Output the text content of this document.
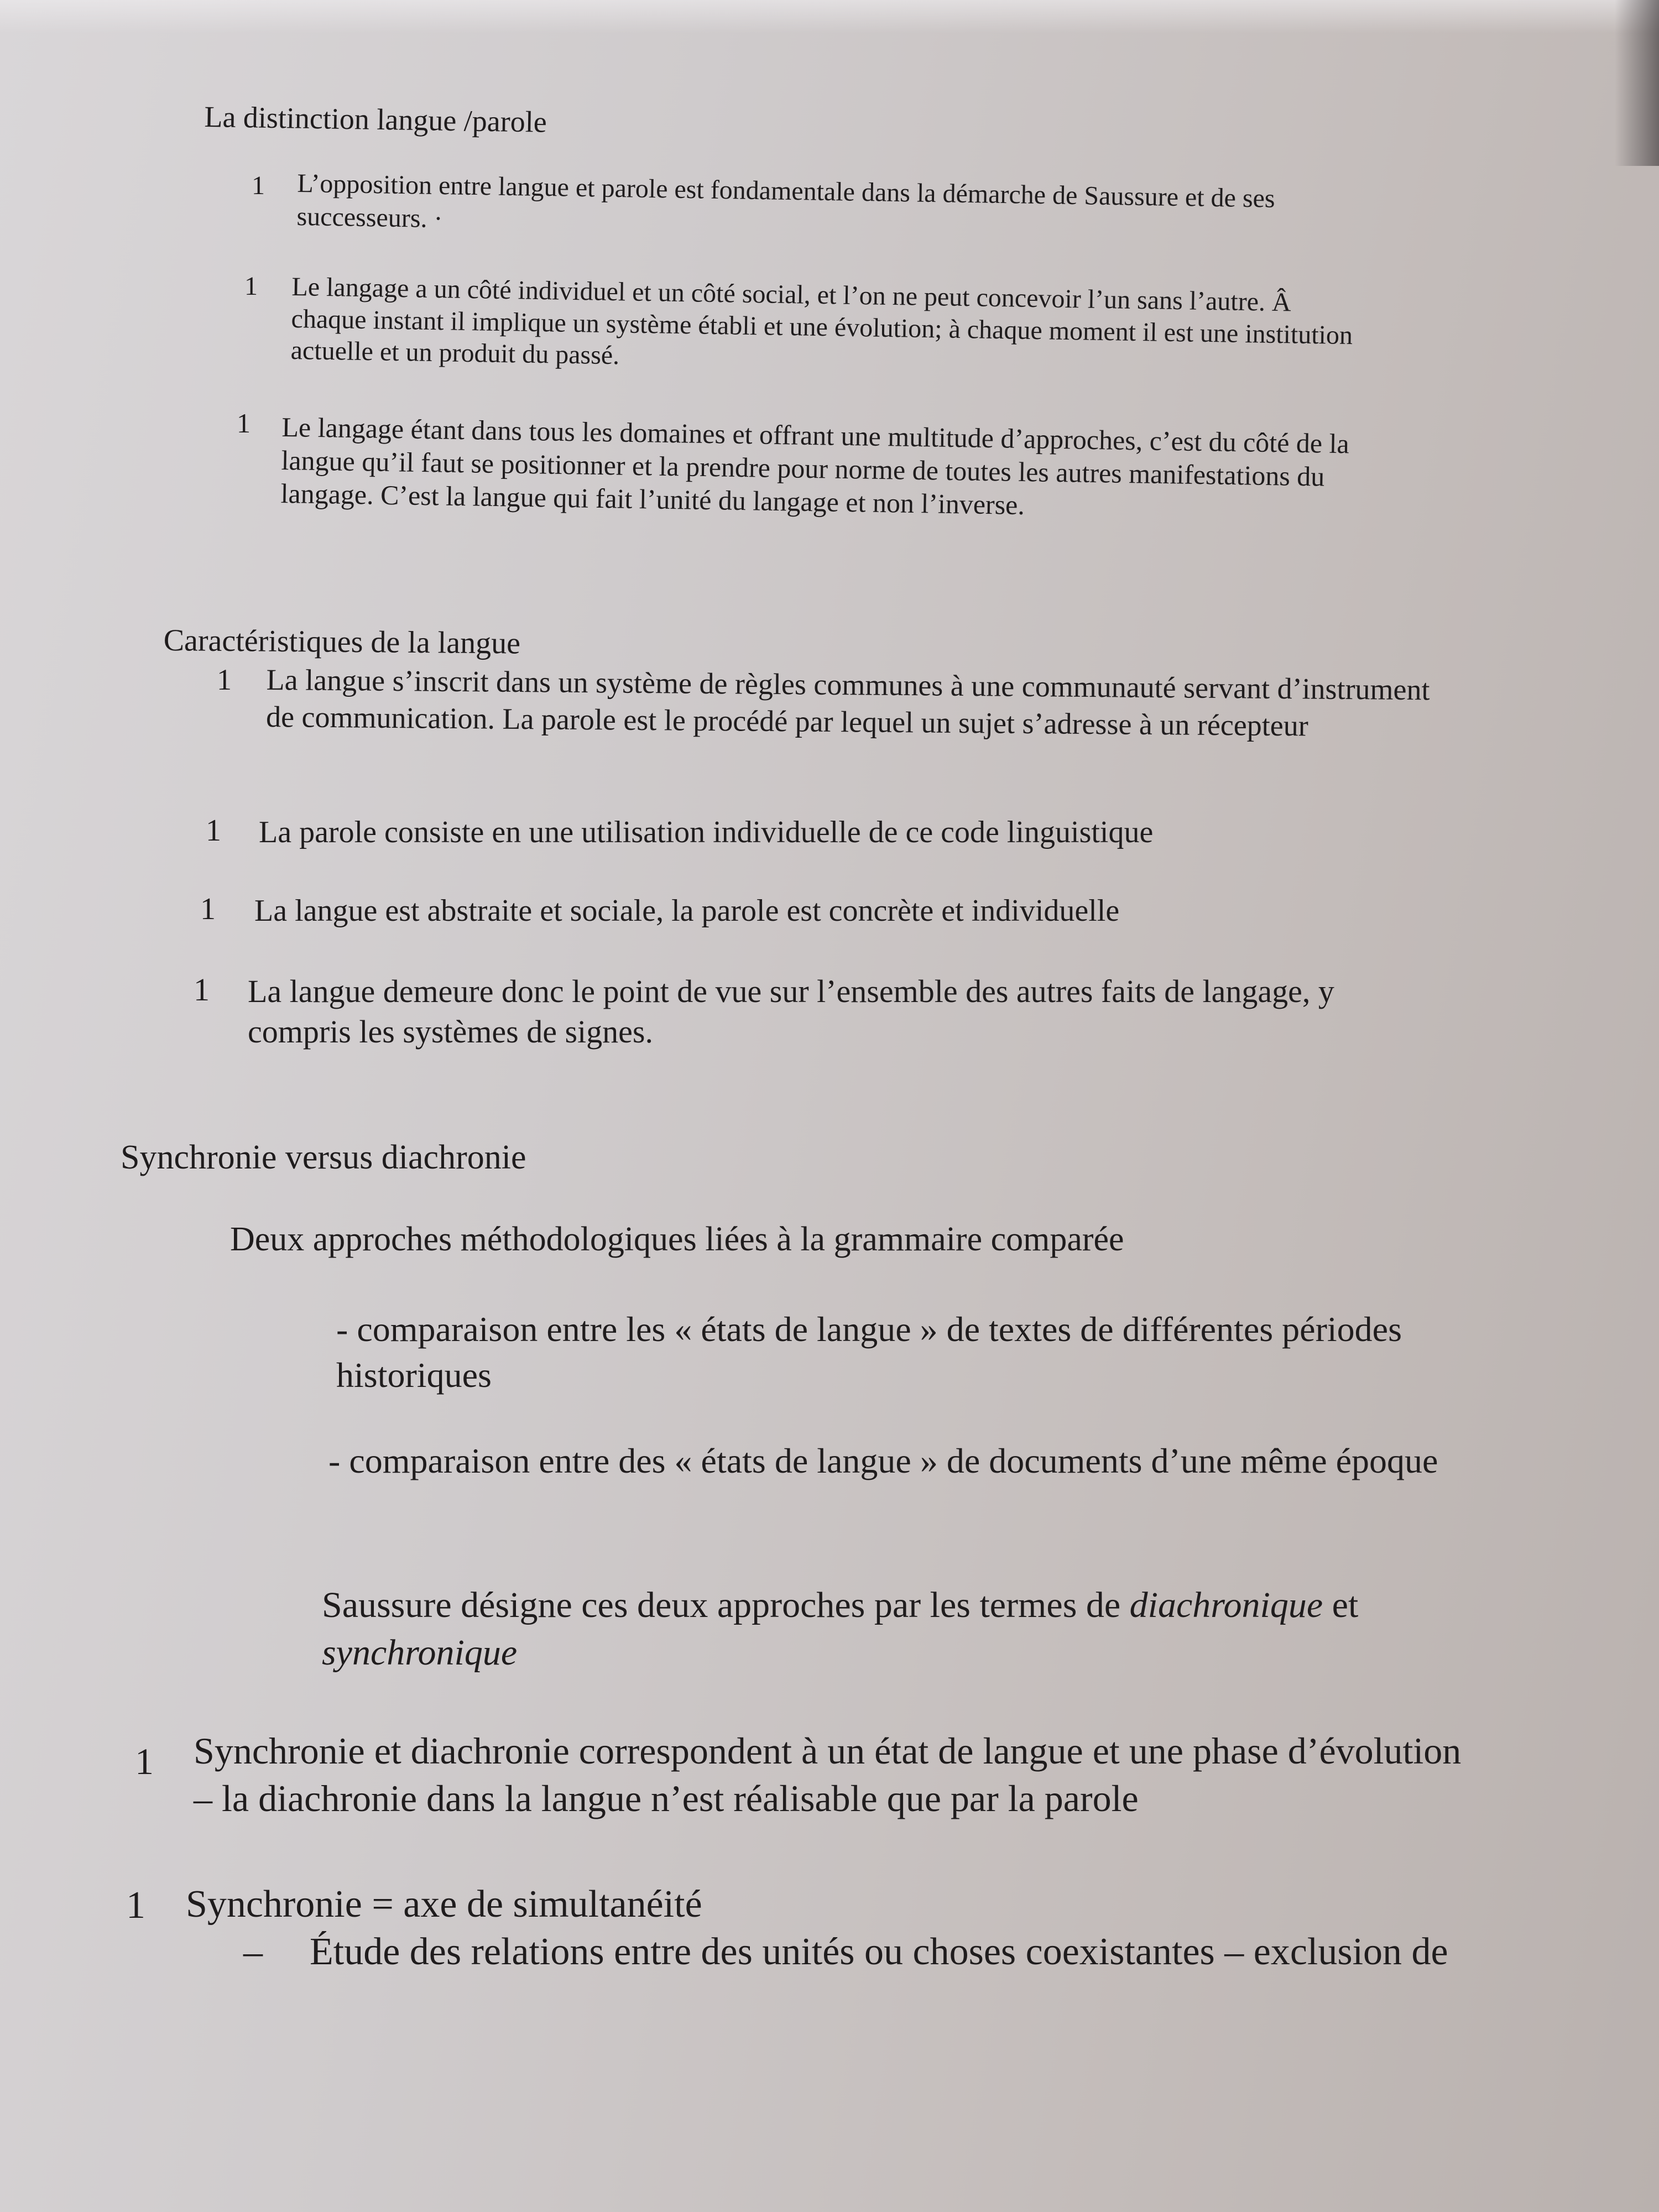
La distinction langue /parole
1 L’opposition entre langue et parole est fondamentale dans la démarche de Saussure et de ses successeurs. ·
1 Le langage a un côté individuel et un côté social, et l’on ne peut concevoir l’un sans l’autre. Â chaque instant il implique un système établi et une évolution; à chaque moment il est une institution actuelle et un produit du passé.
1 Le langage étant dans tous les domaines et offrant une multitude d’approches, c’est du côté de la langue qu’il faut se positionner et la prendre pour norme de toutes les autres manifestations du langage. C’est la langue qui fait l’unité du langage et non l’inverse.
Caractéristiques de la langue
1 La langue s’inscrit dans un système de règles communes à une communauté servant d’instrument de communication. La parole est le procédé par lequel un sujet s’adresse à un récepteur
1 La parole consiste en une utilisation individuelle de ce code linguistique
1 La langue est abstraite et sociale, la parole est concrète et individuelle
1 La langue demeure donc le point de vue sur l’ensemble des autres faits de langage, y compris les systèmes de signes.
Synchronie versus diachronie
Deux approches méthodologiques liées à la grammaire comparée
- comparaison entre les « états de langue » de textes de différentes périodes historiques
- comparaison entre des « états de langue » de documents d’une même époque
Saussure désigne ces deux approches par les termes de diachronique et synchronique
1 Synchronie et diachronie correspondent à un état de langue et une phase d’évolution – la diachronie dans la langue n’est réalisable que par la parole
1 Synchronie = axe de simultanéité
– Étude des relations entre des unités ou choses coexistantes – exclusion de
